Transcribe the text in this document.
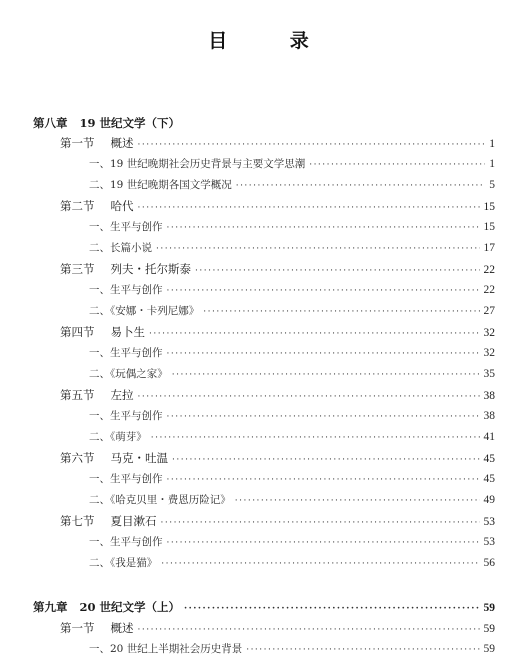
目 录
第八章 19 世纪文学（下）
第一节 概述 ·····	1
一、19 世纪晚期社会历史背景与主要文学思潮 ·····	1
二、19 世纪晚期各国文学概况 ·····	5
第二节 哈代 ·····	15
一、生平与创作 ·····	15
二、长篇小说 ·····	17
第三节 列夫・托尔斯泰 ·····	22
一、生平与创作 ·····	22
二、《安娜・卡列尼娜》 ·····	27
第四节 易卜生 ·····	32
一、生平与创作 ·····	32
二、《玩偶之家》 ·····	35
第五节 左拉 ·····	38
一、生平与创作 ·····	38
二、《萌芽》 ·····	41
第六节 马克・吐温 ·····	45
一、生平与创作 ·····	45
二、《哈克贝里・费恩历险记》 ·····	49
第七节 夏目漱石 ·····	53
一、生平与创作 ·····	53
二、《我是猫》 ·····	56
第九章 20 世纪文学（上） ·····	59
第一节 概述 ·····	59
一、20 世纪上半期社会历史背景 ·····	59
